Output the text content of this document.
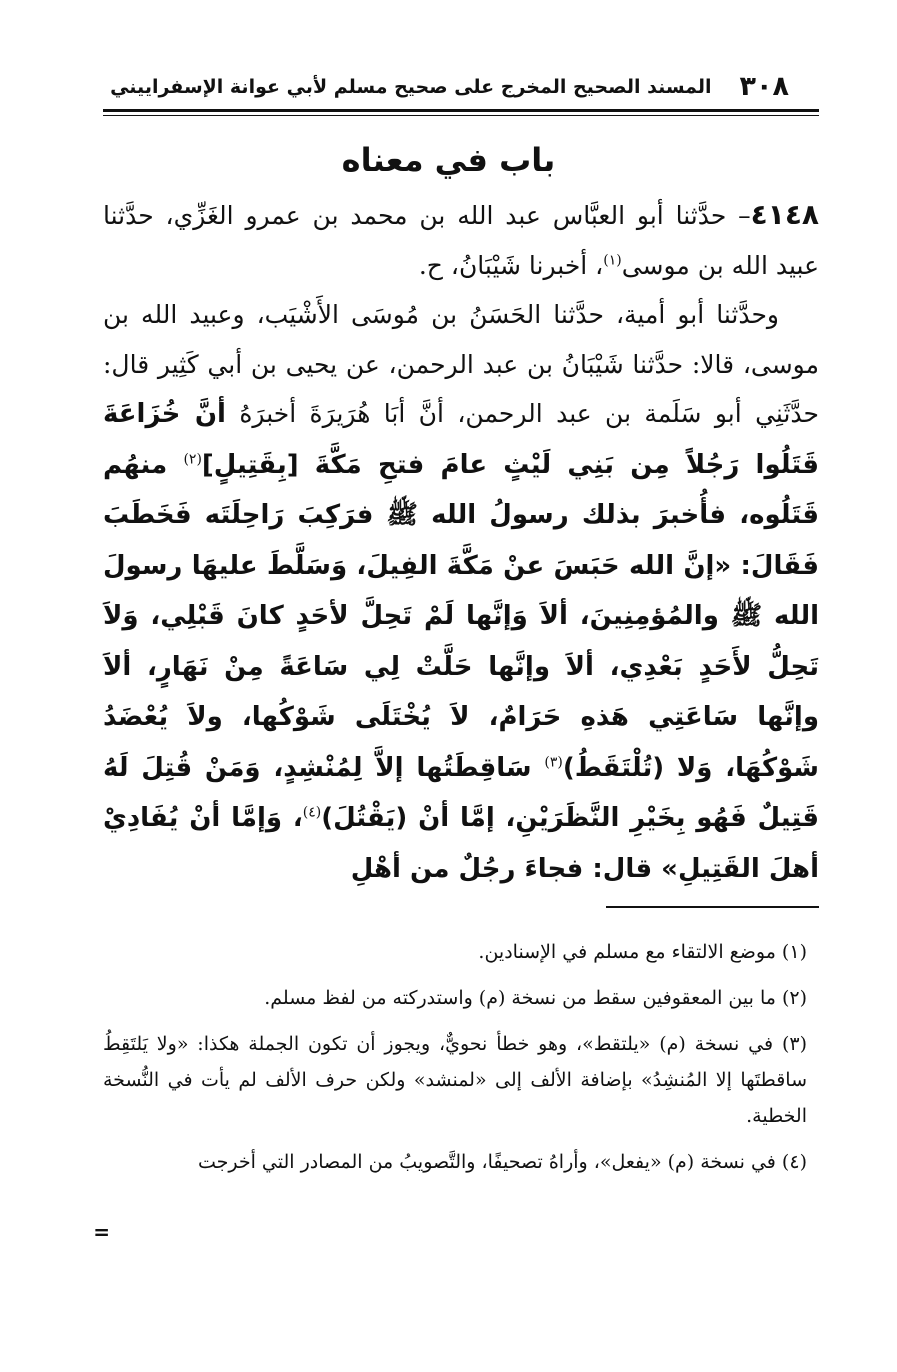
٣٠٨
المسند الصحيح المخرج على صحيح مسلم لأبي عوانة الإسفراييني
باب في معناه

٤١٤٨– حدَّثنا أبو العبَّاس عبد الله بن محمد بن عمرو الغَزِّي، حدَّثنا عبيد الله بن موسى$^{(١)}$، أخبرنا شَيْبَانُ، ح.

وحدَّثنا أبو أمية، حدَّثنا الحَسَنُ بن مُوسَى الأَشْيَب، وعبيد الله بن موسى، قالا: حدَّثنا شَيْبَانُ بن عبد الرحمن، عن يحيى بن أبي كَثِير قال: حدَّثَنِي أبو سَلَمة بن عبد الرحمن، أنَّ أبَا هُرَيرَةَ أخبرَهُ أنَّ خُزَاعَةَ قَتَلُوا رَجُلاً مِن بَنِي لَيْثٍ عامَ فتحِ مَكَّةَ [بِقَتِيلٍ]$^{(٢)}$ منهُم قَتَلُوه، فأُخبرَ بذلك رسولُ الله ﷺ فرَكِبَ رَاحِلَتَه فَخَطَبَ فَقَالَ: «إنَّ الله حَبَسَ عنْ مَكَّةَ الفِيلَ، وَسَلَّطَ عليهَا رسولَ الله ﷺ والمُؤمِنِينَ، ألاَ وَإنَّها لَمْ تَحِلَّ لأحَدٍ كانَ قَبْلِي، وَلاَ تَحِلُّ لأَحَدٍ بَعْدِي، ألاَ وإنَّها حَلَّتْ لِي سَاعَةً مِنْ نَهَارٍ، ألاَ وإنَّها سَاعَتِي هَذهِ حَرَامٌ، لاَ يُخْتَلَى شَوْكُها، ولاَ يُعْضَدُ شَوْكُهَا، وَلا (تُلْتَقَطُ)$^{(٣)}$ سَاقِطَتُها إلاَّ لِمُنْشِدٍ، وَمَنْ قُتِلَ لَهُ قَتِيلٌ فَهُو بِخَيْرِ النَّظَرَيْنِ، إمَّا أنْ (يَقْتُلَ)$^{(٤)}$، وَإمَّا أنْ يُفَادِيْ أهلَ القَتِيلِ» قال: فجاءَ رجُلٌ من أهْلِ

(١) موضع الالتقاء مع مسلم في الإسنادين.

(٢) ما بين المعقوفين سقط من نسخة (م) واستدركته من لفظ مسلم.

(٣) في نسخة (م) «يلتقط»، وهو خطأ نحويٌّ، ويجوز أن تكون الجملة هكذا: «ولا يَلتَقِطُ ساقطتَها إلا المُنشِدُ» بإضافة الألف إلى «لمنشد» ولكن حرف الألف لم يأت في النُّسخة الخطية.

(٤) في نسخة (م) «يفعل»، وأراهُ تصحيفًا، والتَّصويبُ من المصادر التي أخرجت

=
